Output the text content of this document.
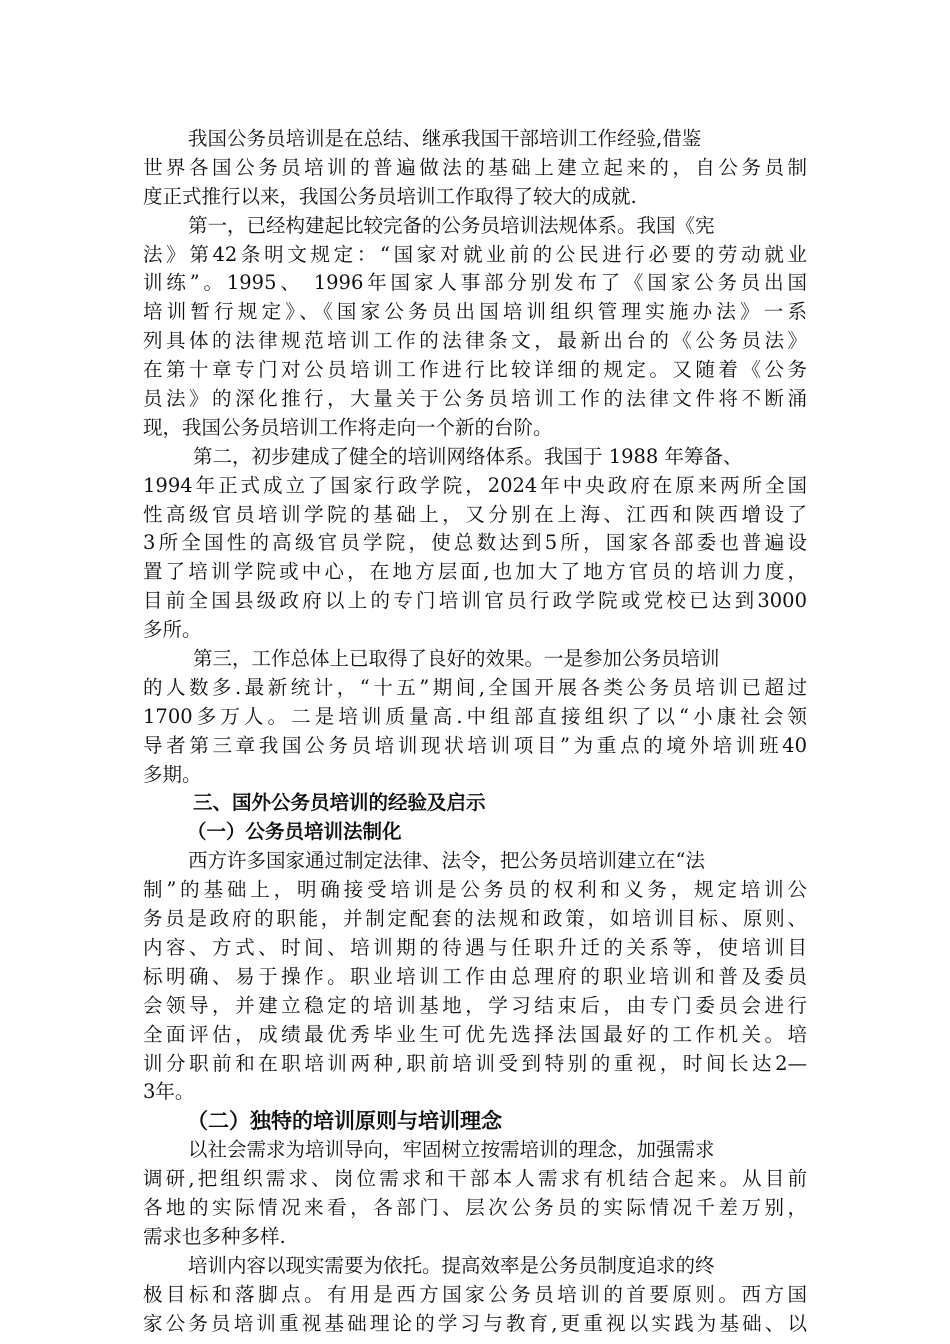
我国公务员培训是在总结、继承我国干部培训工作经验,借鉴
世界各国公务员培训的普遍做法的基础上建立起来的，自公务员制
度正式推行以来，我国公务员培训工作取得了较大的成就.
第一，已经构建起比较完备的公务员培训法规体系。我国《宪
法》第42条明文规定：“国家对就业前的公民进行必要的劳动就业
训练”。1995、 1996年国家人事部分别发布了《国家公务员出国
培训暂行规定》、《国家公务员出国培训组织管理实施办法》一系
列具体的法律规范培训工作的法律条文，最新出台的《公务员法》
在第十章专门对公员培训工作进行比较详细的规定。又随着《公务
员法》的深化推行，大量关于公务员培训工作的法律文件将不断涌
现，我国公务员培训工作将走向一个新的台阶。
第二，初步建成了健全的培训网络体系。我国于 1988 年筹备、
1994年正式成立了国家行政学院，2024年中央政府在原来两所全国
性高级官员培训学院的基础上，又分别在上海、江西和陕西增设了
3所全国性的高级官员学院，使总数达到5所，国家各部委也普遍设
置了培训学院或中心，在地方层面,也加大了地方官员的培训力度，
目前全国县级政府以上的专门培训官员行政学院或党校已达到3000
多所。
第三，工作总体上已取得了良好的效果。一是参加公务员培训
的人数多.最新统计，“十五”期间,全国开展各类公务员培训已超过
1700多万人。二是培训质量高.中组部直接组织了以“小康社会领
导者第三章我国公务员培训现状培训项目”为重点的境外培训班40
多期。
三、国外公务员培训的经验及启示
（一）公务员培训法制化
西方许多国家通过制定法律、法令，把公务员培训建立在“法
制”的基础上，明确接受培训是公务员的权利和义务，规定培训公
务员是政府的职能，并制定配套的法规和政策，如培训目标、原则、
内容、方式、时间、培训期的待遇与任职升迁的关系等，使培训目
标明确、易于操作。职业培训工作由总理府的职业培训和普及委员
会领导，并建立稳定的培训基地，学习结束后，由专门委员会进行
全面评估，成绩最优秀毕业生可优先选择法国最好的工作机关。培
训分职前和在职培训两种,职前培训受到特别的重视，时间长达2—
3年。
（二）独特的培训原则与培训理念
以社会需求为培训导向，牢固树立按需培训的理念，加强需求
调研,把组织需求、岗位需求和干部本人需求有机结合起来。从目前
各地的实际情况来看，各部门、层次公务员的实际情况千差万别，
需求也多种多样.
培训内容以现实需要为依托。提高效率是公务员制度追求的终
极目标和落脚点。有用是西方国家公务员培训的首要原则。西方国
家公务员培训重视基础理论的学习与教育,更重视以实践为基础、以
